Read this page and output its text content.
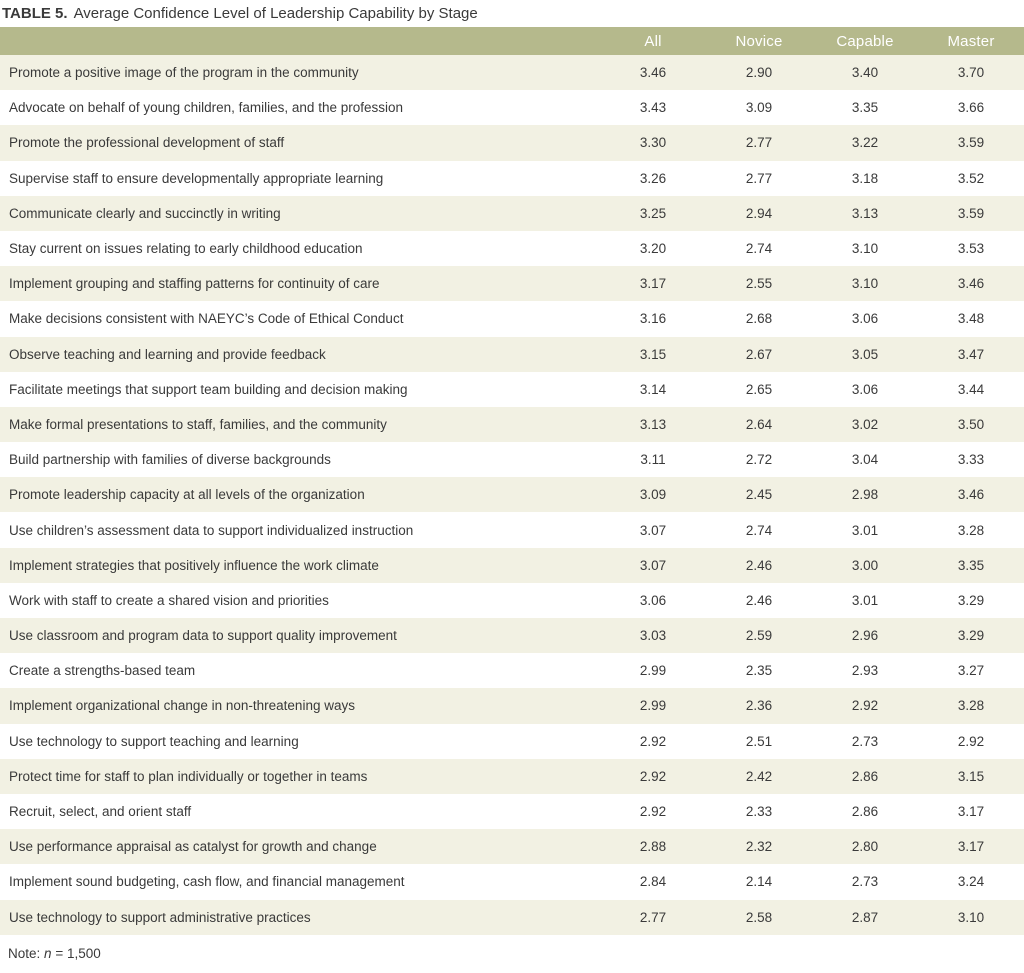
TABLE 5. Average Confidence Level of Leadership Capability by Stage
	All	Novice	Capable	Master
Promote a positive image of the program in the community	3.46	2.90	3.40	3.70
Advocate on behalf of young children, families, and the profession	3.43	3.09	3.35	3.66
Promote the professional development of staff	3.30	2.77	3.22	3.59
Supervise staff to ensure developmentally appropriate learning	3.26	2.77	3.18	3.52
Communicate clearly and succinctly in writing	3.25	2.94	3.13	3.59
Stay current on issues relating to early childhood education	3.20	2.74	3.10	3.53
Implement grouping and staffing patterns for continuity of care	3.17	2.55	3.10	3.46
Make decisions consistent with NAEYC’s Code of Ethical Conduct	3.16	2.68	3.06	3.48
Observe teaching and learning and provide feedback	3.15	2.67	3.05	3.47
Facilitate meetings that support team building and decision making	3.14	2.65	3.06	3.44
Make formal presentations to staff, families, and the community	3.13	2.64	3.02	3.50
Build partnership with families of diverse backgrounds	3.11	2.72	3.04	3.33
Promote leadership capacity at all levels of the organization	3.09	2.45	2.98	3.46
Use children’s assessment data to support individualized instruction	3.07	2.74	3.01	3.28
Implement strategies that positively influence the work climate	3.07	2.46	3.00	3.35
Work with staff to create a shared vision and priorities	3.06	2.46	3.01	3.29
Use classroom and program data to support quality improvement	3.03	2.59	2.96	3.29
Create a strengths-based team	2.99	2.35	2.93	3.27
Implement organizational change in non-threatening ways	2.99	2.36	2.92	3.28
Use technology to support teaching and learning	2.92	2.51	2.73	2.92
Protect time for staff to plan individually or together in teams	2.92	2.42	2.86	3.15
Recruit, select, and orient staff	2.92	2.33	2.86	3.17
Use performance appraisal as catalyst for growth and change	2.88	2.32	2.80	3.17
Implement sound budgeting, cash flow, and financial management	2.84	2.14	2.73	3.24
Use technology to support administrative practices	2.77	2.58	2.87	3.10
Note: n = 1,500
